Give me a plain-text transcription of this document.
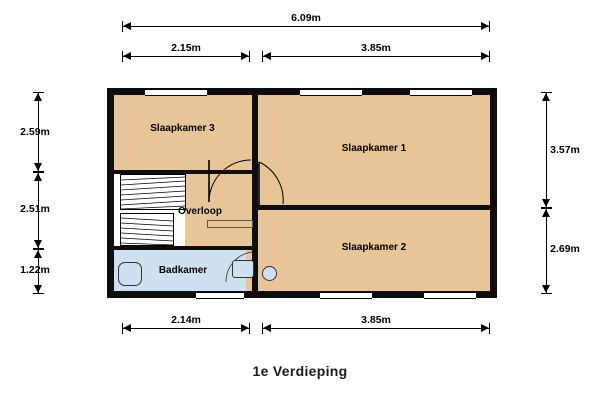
6.09m
2.15m	3.85m
2.59m
2.51m
1.22m
3.57m
2.69m
2.14m	3.85m
Slaapkamer 3
Slaapkamer 1
Slaapkamer 2
Overloop
Badkamer
1e Verdieping
